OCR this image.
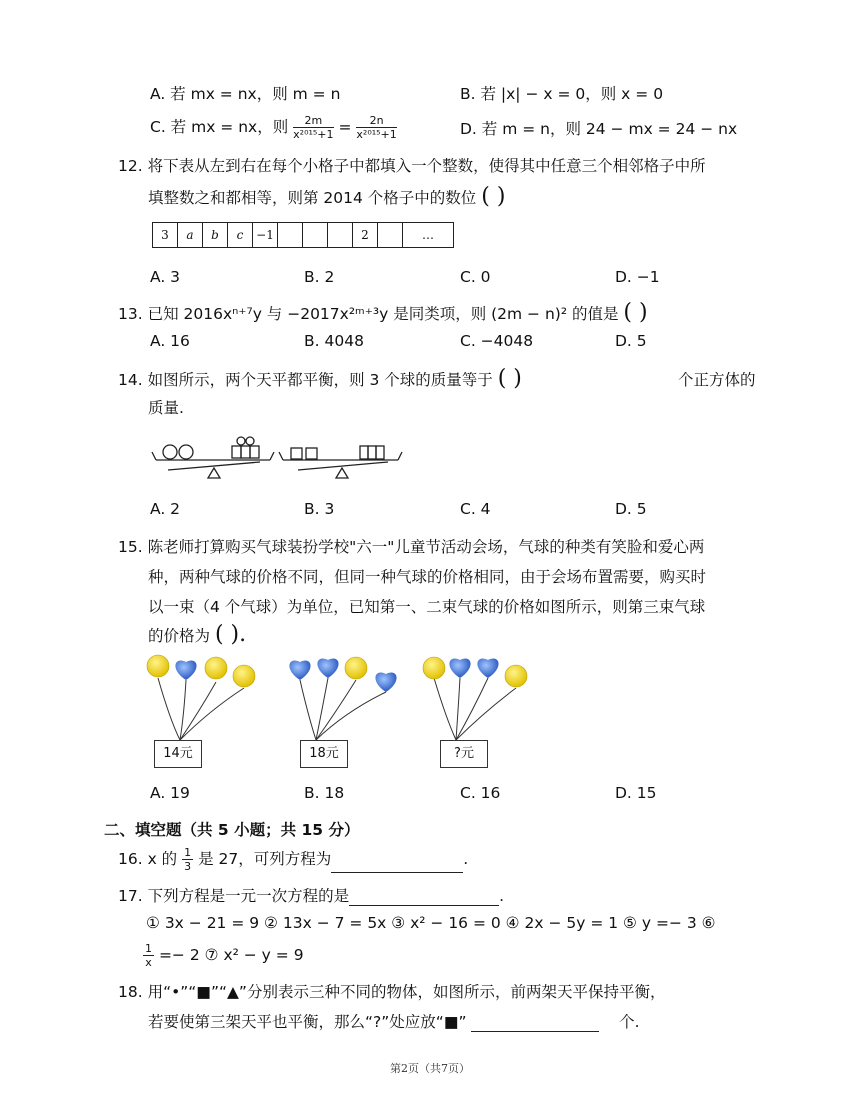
A. 若 mx = nx，则 m = n	B. 若 |x| − x = 0，则 x = 0
C. 若 mx = nx，则 $\frac{2m}{\text{x²⁰¹⁵+1}} = \frac{2n}{\text{x²⁰¹⁵+1}}$	D. 若 m = n，则 24 − mx = 24 − nx
12. 将下表从左到右在每个小格子中都填入一个整数，使得其中任意三个相邻格子中所
填整数之和都相等，则第 2014 个格子中的数位 ( )
3	a	b	c	−1				2		…
A. 3	B. 2	C. 0	D. −1
13. 已知 2016xⁿ⁺⁷y 与 −2017x²ᵐ⁺³y 是同类项，则 (2m − n)² 的值是 ( )
A. 16	B. 4048	C. −4048	D. 5
14. 如图所示，两个天平都平衡，则 3 个球的质量等于 ( )	个正方体的
质量.
A. 2	B. 3	C. 4	D. 5
15. 陈老师打算购买气球装扮学校"六一"儿童节活动会场，气球的种类有笑脸和爱心两
种，两种气球的价格不同，但同一种气球的价格相同，由于会场布置需要，购买时
以一束（4 个气球）为单位，已知第一、二束气球的价格如图所示，则第三束气球
的价格为 ( ).
14元	18元	?元
A. 19	B. 18	C. 16	D. 15
二、填空题（共 5 小题；共 15 分）
16. x 的 $\frac{1}{3}$ 是 27，可列方程为	.
17. 下列方程是一元一次方程的是	.
① 3x − 21 = 9 ② 13x − 7 = 5x ③ x² − 16 = 0 ④ 2x − 5y = 1 ⑤ y =− 3 ⑥
$\frac{1}{x} =- 2$ ⑦ x² − y = 9
18. 用“•”“■”“▲”分别表示三种不同的物体，如图所示，前两架天平保持平衡，
若要使第三架天平也平衡，那么“?”处应放“■”	个.
第2页（共7页）
